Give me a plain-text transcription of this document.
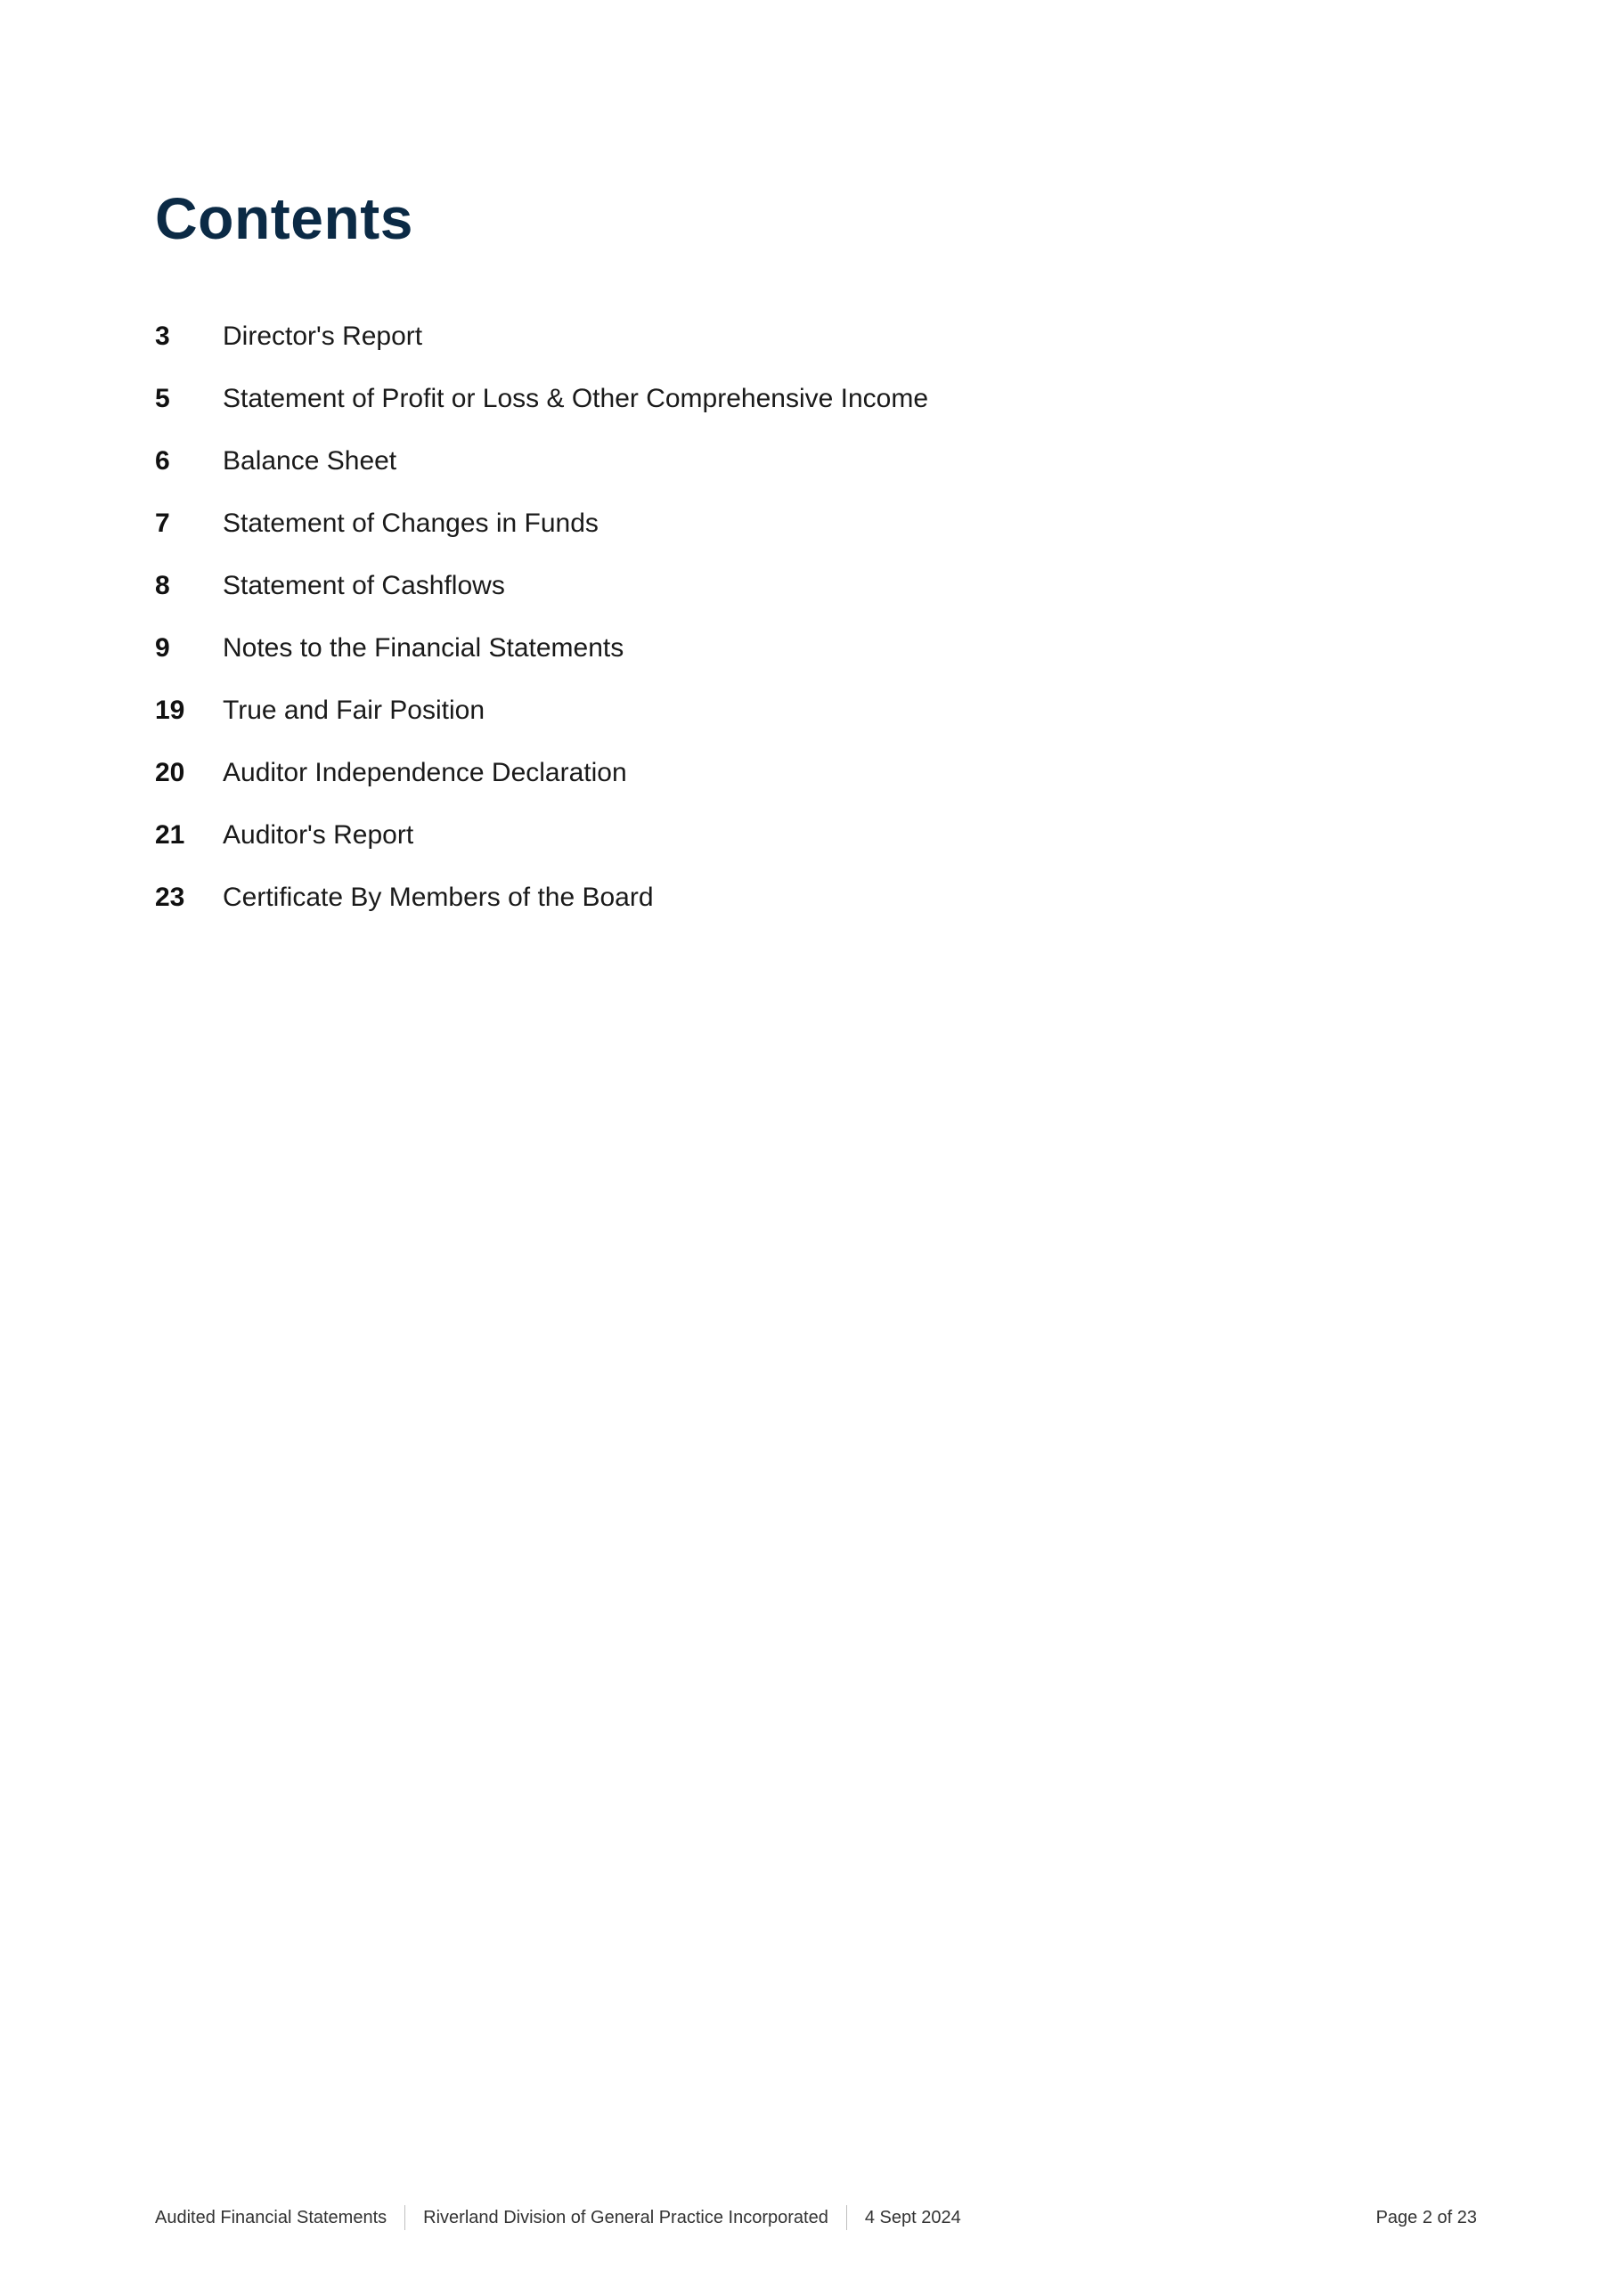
Contents
3	Director's Report
5	Statement of Profit or Loss & Other Comprehensive Income
6	Balance Sheet
7	Statement of Changes in Funds
8	Statement of Cashflows
9	Notes to the Financial Statements
19	True and Fair Position
20	Auditor Independence Declaration
21	Auditor's Report
23	Certificate By Members of the Board
Audited Financial Statements Riverland Division of General Practice Incorporated 4 Sept 2024	Page 2 of 23
